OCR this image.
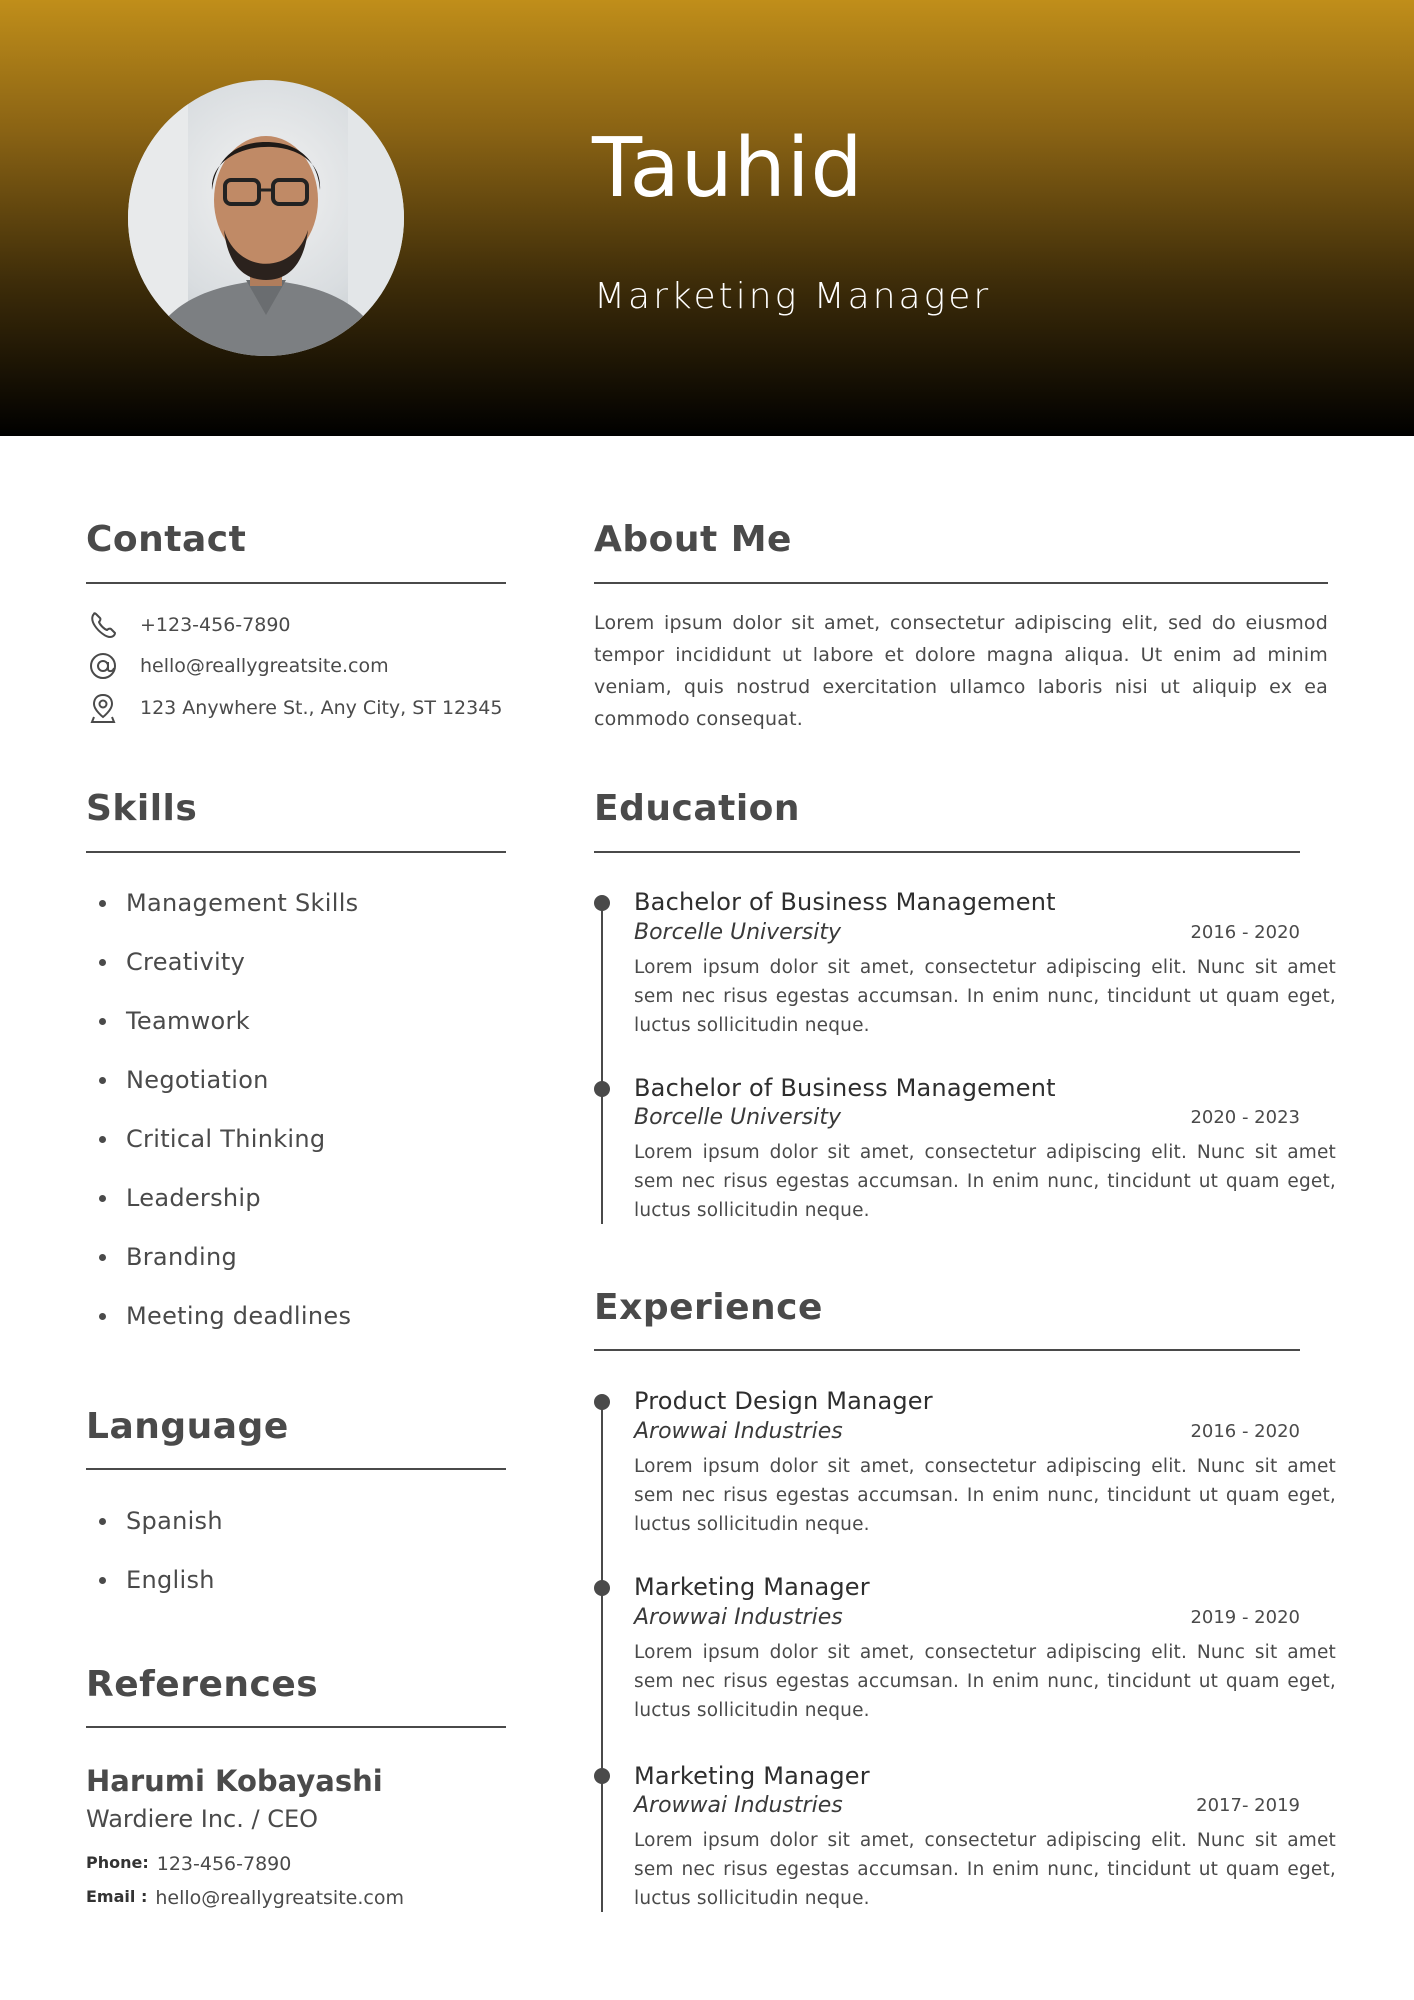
Tauhid
Marketing Manager
Contact
+123-456-7890
hello@reallygreatsite.com
123 Anywhere St., Any City, ST 12345
Skills
Management Skills
Creativity
Teamwork
Negotiation
Critical Thinking
Leadership
Branding
Meeting deadlines
Language
Spanish
English
References
Harumi Kobayashi
Wardiere Inc. / CEO
Phone: 123-456-7890
Email : hello@reallygreatsite.com
About Me
Lorem ipsum dolor sit amet, consectetur adipiscing elit, sed do eiusmod tempor incididunt ut labore et dolore magna aliqua. Ut enim ad minim veniam, quis nostrud exercitation ullamco laboris nisi ut aliquip ex ea commodo consequat.
Education
Bachelor of Business Management
Borcelle University	2016 - 2020
Lorem ipsum dolor sit amet, consectetur adipiscing elit. Nunc sit amet sem nec risus egestas accumsan. In enim nunc, tincidunt ut quam eget, luctus sollicitudin neque.
Bachelor of Business Management
Borcelle University	2020 - 2023
Lorem ipsum dolor sit amet, consectetur adipiscing elit. Nunc sit amet sem nec risus egestas accumsan. In enim nunc, tincidunt ut quam eget, luctus sollicitudin neque.
Experience
Product Design Manager
Arowwai Industries	2016 - 2020
Lorem ipsum dolor sit amet, consectetur adipiscing elit. Nunc sit amet sem nec risus egestas accumsan. In enim nunc, tincidunt ut quam eget, luctus sollicitudin neque.
Marketing Manager
Arowwai Industries	2019 - 2020
Lorem ipsum dolor sit amet, consectetur adipiscing elit. Nunc sit amet sem nec risus egestas accumsan. In enim nunc, tincidunt ut quam eget, luctus sollicitudin neque.
Marketing Manager
Arowwai Industries	2017- 2019
Lorem ipsum dolor sit amet, consectetur adipiscing elit. Nunc sit amet sem nec risus egestas accumsan. In enim nunc, tincidunt ut quam eget, luctus sollicitudin neque.
